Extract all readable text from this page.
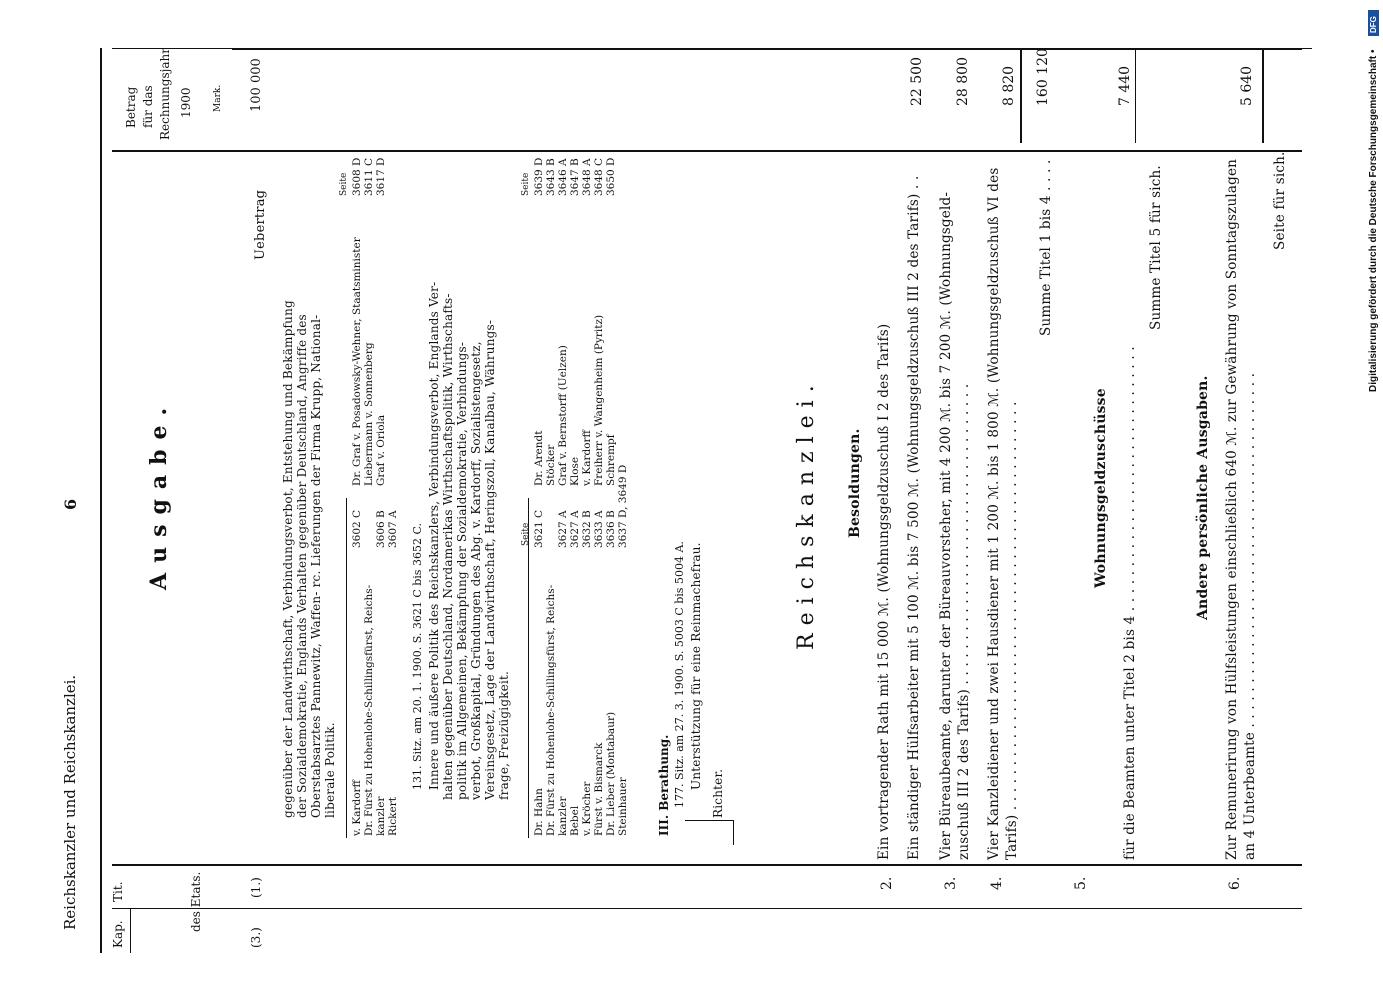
Reichskanzler und Reichskanzlei.
6
Kap.
Tit.	des Etats.
Betrag für das Rechnungsjahr 1900 Mark.
Ausgabe.
(3.)
(1.)
100 000
Uebertrag
gegenüber der Landwirthschaft, Verbindungsverbot, Entstehung und Bekämpfung der Sozialdemokratie, Englands Verhalten gegenüber Deutschland, Angriffe des Oberstabsarztes Pannewitz, Waffen- rc. Lieferungen der Firma Krupp, National- liberale Politik.
Seite
v. Kardorff
3602 C
Dr. Fürst zu Hohenlohe-Schillingsfürst, Reichs- kanzler
3606 B
Rickert
3607 A
Dr. Graf v. Posadowsky-Wehner, Staatsminister
3608 D
Liebermann v. Sonnenberg
3611 C
Graf v. Oriola
3617 D
131. Sitz. am 20. 1. 1900. S. 3621 C bis 3652 C. Innere und äußere Politik des Reichskanzlers, Verbindungsverbot, Englands Ver- halten gegenüber Deutschland, Nordamerikas Wirthschaftspolitik, Wirthschafts- politik im Allgemeinen, Bekämpfung der Sozialdemokratie, Verbindungs- verbot, Großkapital, Gründungen des Abg. v. Kardorff, Sozialistengesetz, Vereinsgesetz, Lage der Landwirthschaft, Heringszoll, Kanalbau, Währungs- frage, Freizügigkeit.
Seite
Seite
Dr. Hahn
3621 C
Dr. Fürst zu Hohenlohe-Schillingsfürst, Reichs- kanzler
3627 A
Bebel
3627 A
v. Kröcher
3632 B
Fürst v. Bismarck
3633 A
Dr. Lieber (Montabaur)
3636 B
Steinhauer
3637 D, 3649 D
Dr. Arendt
3639 D
Stöcker
3643 B
Graf v. Bernstorff (Uelzen)
3646 A
Klose
3647 B
v. Kardorff
3648 A
Freiherr v. Wangenheim (Pyritz)
3648 C
Schrempf
3650 D
III. Berathung. 177. Sitz. am 27. 3. 1900. S. 5003 C bis 5004 A. Unterstützung für eine Reinmachefrau.
Richter.
Reichskanzlei. Besoldungen.
2.
Ein vortragender Rath mit 15 000 ℳ. (Wohnungsgeldzuschuß I 2 des Tarifs) Ein ständiger Hülfsarbeiter mit 5 100 ℳ. bis 7 500 ℳ. (Wohnungsgeldzuschuß III 2 des Tarifs) . .
22 500
3.
Vier Büreaubeamte, darunter der Büreauvorsteher, mit 4 200 ℳ. bis 7 200 ℳ. (Wohnungsgeld- zuschuß III 2 des Tarifs) . . . . . . . . . . . . . . . . . . . . . . . . . . . . . . . . . .
28 800
4.
Vier Kanzleidiener und zwei Hausdiener mit 1 200 ℳ. bis 1 800 ℳ. (Wohnungsgeldzuschuß VI des Tarifs) . . . . . . . . . . . . . . . . . . . . . . . . . . . . . . . . . . . . . . . . . . . . . .
8 820
Summe Titel 1 bis 4 . . . .
160 120
Wohnungsgeldzuschüsse
5.
für die Beamten unter Titel 2 bis 4 . . . . . . . . . . . . . . . . . . . . . . . . . . . . . .
7 440
Summe Titel 5 für sich.
Andere persönliche Ausgaben.
6.
Zur Remunerirung von Hülfsleistungen einschließlich 640 ℳ. zur Gewährung von Sonntagszulagen an 4 Unterbeamte . . . . . . . . . . . . . . . . . . . . . . . . . . . . . . . . . . . . . . . .
5 640
Seite für sich.	Digitalisierung gefördert durch die Deutsche Forschungsgemeinschaft •
DFG
